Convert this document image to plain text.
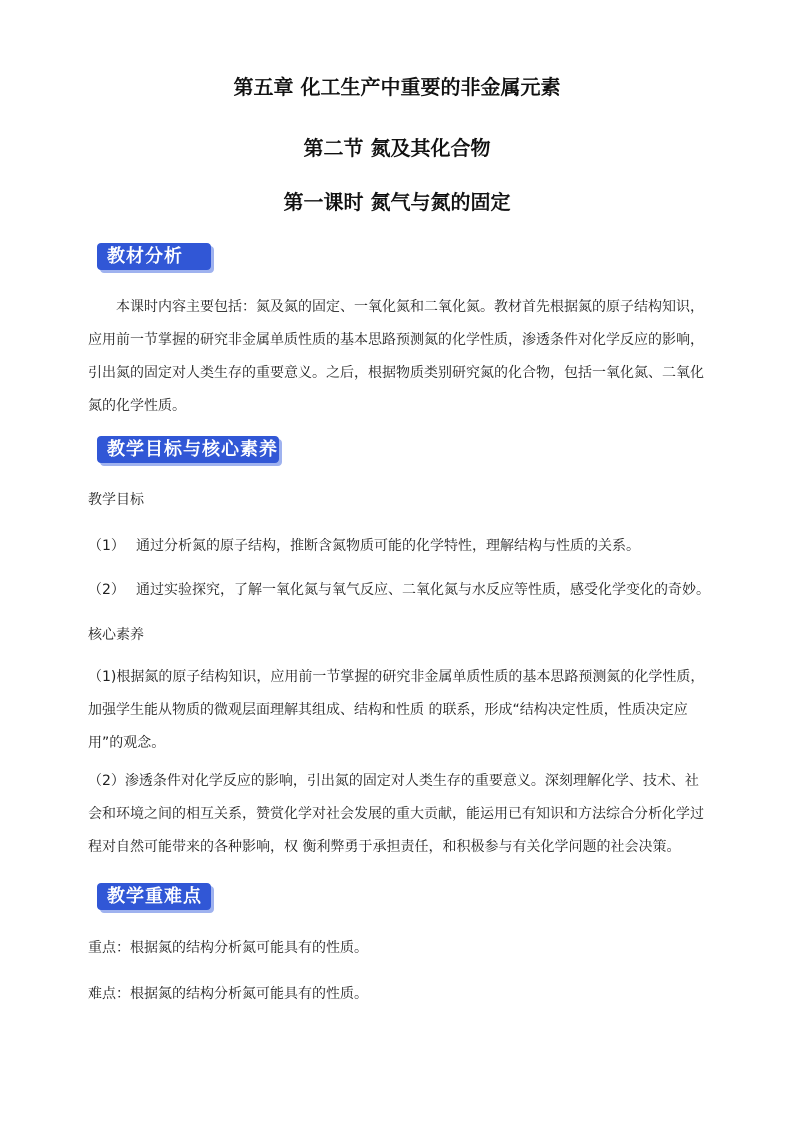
第五章 化工生产中重要的非金属元素
第二节 氮及其化合物
第一课时 氮气与氮的固定
教材分析
本课时内容主要包括：氮及氮的固定、一氧化氮和二氧化氮。教材首先根据氮的原子结构知识，应用前一节掌握的研究非金属单质性质的基本思路预测氮的化学性质，渗透条件对化学反应的影响，引出氮的固定对人类生存的重要意义。之后，根据物质类别研究氮的化合物，包括一氧化氮、二氧化氮的化学性质。
教学目标与核心素养
教学目标
（1） 通过分析氮的原子结构，推断含氮物质可能的化学特性，理解结构与性质的关系。
（2） 通过实验探究，了解一氧化氮与氧气反应、二氧化氮与水反应等性质，感受化学变化的奇妙。
核心素养
（1)根据氮的原子结构知识，应用前一节掌握的研究非金属单质性质的基本思路预测氮的化学性质，加强学生能从物质的微观层面理解其组成、结构和性质 的联系，形成“结构决定性质，性质决定应用”的观念。
（2）渗透条件对化学反应的影响，引出氮的固定对人类生存的重要意义。深刻理解化学、技术、社会和环境之间的相互关系，赞赏化学对社会发展的重大贡献，能运用已有知识和方法综合分析化学过程对自然可能带来的各种影响，权 衡利弊勇于承担责任，和积极参与有关化学问题的社会决策。
教学重难点
重点：根据氮的结构分析氮可能具有的性质。
难点：根据氮的结构分析氮可能具有的性质。
